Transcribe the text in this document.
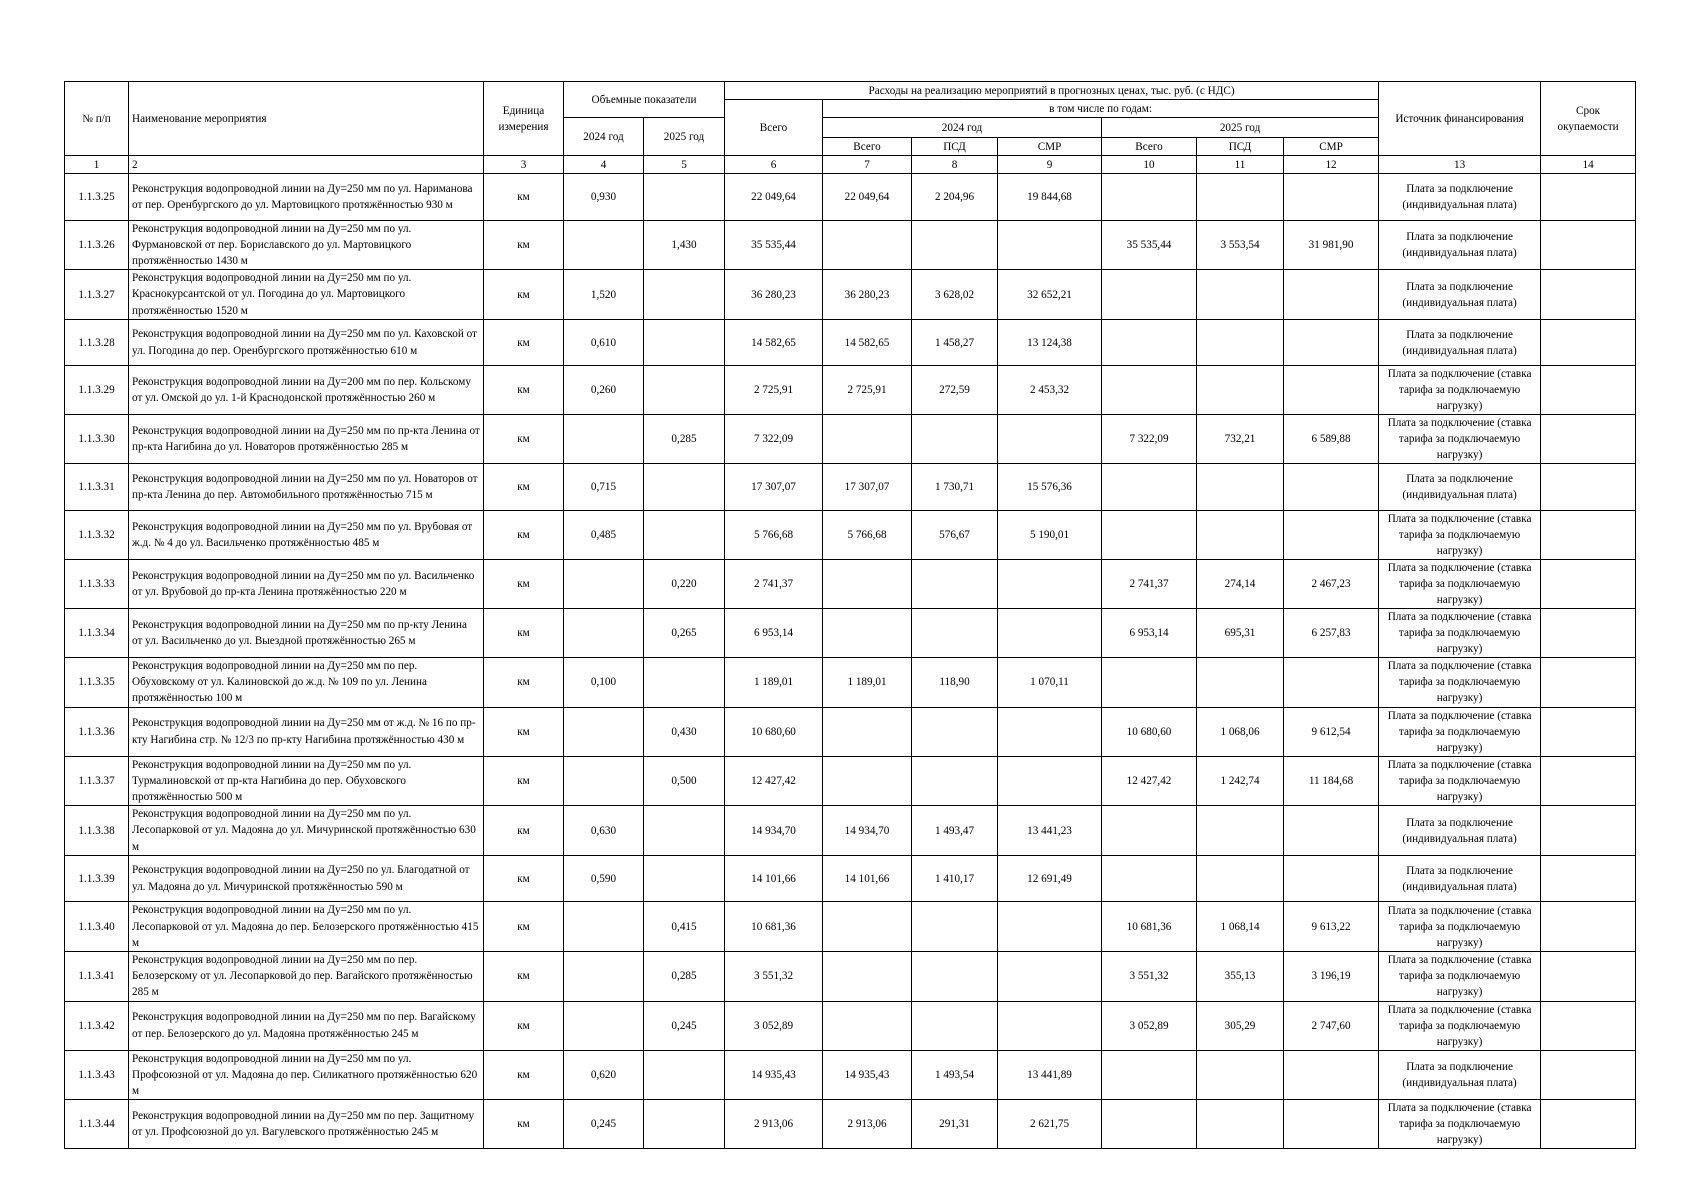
№ п/п	Наименование мероприятия	Единица измерения	Объемные показатели		Расходы на реализацию мероприятий в прогнозных ценах, тыс. руб. (с НДС)							Источник финансирования	Срок окупаемости
					Всего	в том числе по годам:							
			2024 год	2025 год		2024 год			2025 год				
						Всего	ПСД	СМР	Всего	ПСД	СМР		
1	2	3	4	5	6	7	8	9	10	11	12	13	14
1.1.3.25	Реконструкция водопроводной линии на Ду=250 мм по ул. Нариманова от пер. Оренбургского до ул. Мартовицкого протяжённостью 930 м	км	0,930		22 049,64	22 049,64	2 204,96	19 844,68				Плата за подключение (индивидуальная плата)	
1.1.3.26	Реконструкция водопроводной линии на Ду=250 мм по ул. Фурмановской от пер. Бориславского до ул. Мартовицкого протяжённостью 1430 м	км		1,430	35 535,44				35 535,44	3 553,54	31 981,90	Плата за подключение (индивидуальная плата)	
1.1.3.27	Реконструкция водопроводной линии на Ду=250 мм по ул. Краснокурсантской от ул. Погодина до ул. Мартовицкого протяжённостью 1520 м	км	1,520		36 280,23	36 280,23	3 628,02	32 652,21				Плата за подключение (индивидуальная плата)	
1.1.3.28	Реконструкция водопроводной линии на Ду=250 мм по ул. Каховской от ул. Погодина до пер. Оренбургского протяжённостью 610 м	км	0,610		14 582,65	14 582,65	1 458,27	13 124,38				Плата за подключение (индивидуальная плата)	
1.1.3.29	Реконструкция водопроводной линии на Ду=200 мм по пер. Кольскому от ул. Омской до ул. 1-й Краснодонской протяжённостью 260 м	км	0,260		2 725,91	2 725,91	272,59	2 453,32				Плата за подключение (ставка тарифа за подключаемую нагрузку)	
1.1.3.30	Реконструкция водопроводной линии на Ду=250 мм по пр-кта Ленина от пр-кта Нагибина до ул. Новаторов протяжённостью 285 м	км		0,285	7 322,09				7 322,09	732,21	6 589,88	Плата за подключение (ставка тарифа за подключаемую нагрузку)	
1.1.3.31	Реконструкция водопроводной линии на Ду=250 мм по ул. Новаторов от пр-кта Ленина до пер. Автомобильного протяжённостью 715 м	км	0,715		17 307,07	17 307,07	1 730,71	15 576,36				Плата за подключение (индивидуальная плата)	
1.1.3.32	Реконструкция водопроводной линии на Ду=250 мм по ул. Врубовая от ж.д. № 4 до ул. Васильченко протяжённостью 485 м	км	0,485		5 766,68	5 766,68	576,67	5 190,01				Плата за подключение (ставка тарифа за подключаемую нагрузку)	
1.1.3.33	Реконструкция водопроводной линии на Ду=250 мм по ул. Васильченко от ул. Врубовой до пр-кта Ленина протяжённостью 220 м	км		0,220	2 741,37				2 741,37	274,14	2 467,23	Плата за подключение (ставка тарифа за подключаемую нагрузку)	
1.1.3.34	Реконструкция водопроводной линии на Ду=250 мм по пр-кту Ленина от ул. Васильченко до ул. Выездной протяжённостью 265 м	км		0,265	6 953,14				6 953,14	695,31	6 257,83	Плата за подключение (ставка тарифа за подключаемую нагрузку)	
1.1.3.35	Реконструкция водопроводной линии на Ду=250 мм по пер. Обуховскому от ул. Калиновской до ж.д. № 109 по ул. Ленина протяжённостью 100 м	км	0,100		1 189,01	1 189,01	118,90	1 070,11				Плата за подключение (ставка тарифа за подключаемую нагрузку)	
1.1.3.36	Реконструкция водопроводной линии на Ду=250 мм от ж.д. № 16 по пр-кту Нагибина стр. № 12/3 по пр-кту Нагибина протяжённостью 430 м	км		0,430	10 680,60				10 680,60	1 068,06	9 612,54	Плата за подключение (ставка тарифа за подключаемую нагрузку)	
1.1.3.37	Реконструкция водопроводной линии на Ду=250 мм по ул. Турмалиновской от пр-кта Нагибина до пер. Обуховского протяжённостью 500 м	км		0,500	12 427,42				12 427,42	1 242,74	11 184,68	Плата за подключение (ставка тарифа за подключаемую нагрузку)	
1.1.3.38	Реконструкция водопроводной линии на Ду=250 мм по ул. Лесопарковой от ул. Мадояна до ул. Мичуринской протяжённостью 630 м	км	0,630		14 934,70	14 934,70	1 493,47	13 441,23				Плата за подключение (индивидуальная плата)	
1.1.3.39	Реконструкция водопроводной линии на Ду=250 по ул. Благодатной от ул. Мадояна до ул. Мичуринской протяжённостью 590 м	км	0,590		14 101,66	14 101,66	1 410,17	12 691,49				Плата за подключение (индивидуальная плата)	
1.1.3.40	Реконструкция водопроводной линии на Ду=250 мм по ул. Лесопарковой от ул. Мадояна до пер. Белозерского протяжённостью 415 м	км		0,415	10 681,36				10 681,36	1 068,14	9 613,22	Плата за подключение (ставка тарифа за подключаемую нагрузку)	
1.1.3.41	Реконструкция водопроводной линии на Ду=250 мм по пер. Белозерскому от ул. Лесопарковой до пер. Вагайского протяжённостью 285 м	км		0,285	3 551,32				3 551,32	355,13	3 196,19	Плата за подключение (ставка тарифа за подключаемую нагрузку)	
1.1.3.42	Реконструкция водопроводной линии на Ду=250 мм по пер. Вагайскому от пер. Белозерского до ул. Мадояна протяжённостью 245 м	км		0,245	3 052,89				3 052,89	305,29	2 747,60	Плата за подключение (ставка тарифа за подключаемую нагрузку)	
1.1.3.43	Реконструкция водопроводной линии на Ду=250 мм по ул. Профсоюзной от ул. Мадояна до пер. Силикатного протяжённостью 620 м	км	0,620		14 935,43	14 935,43	1 493,54	13 441,89				Плата за подключение (индивидуальная плата)	
1.1.3.44	Реконструкция водопроводной линии на Ду=250 мм по пер. Защитному от ул. Профсоюзной до ул. Вагулевского протяжённостью 245 м	км	0,245		2 913,06	2 913,06	291,31	2 621,75				Плата за подключение (ставка тарифа за подключаемую нагрузку)	
